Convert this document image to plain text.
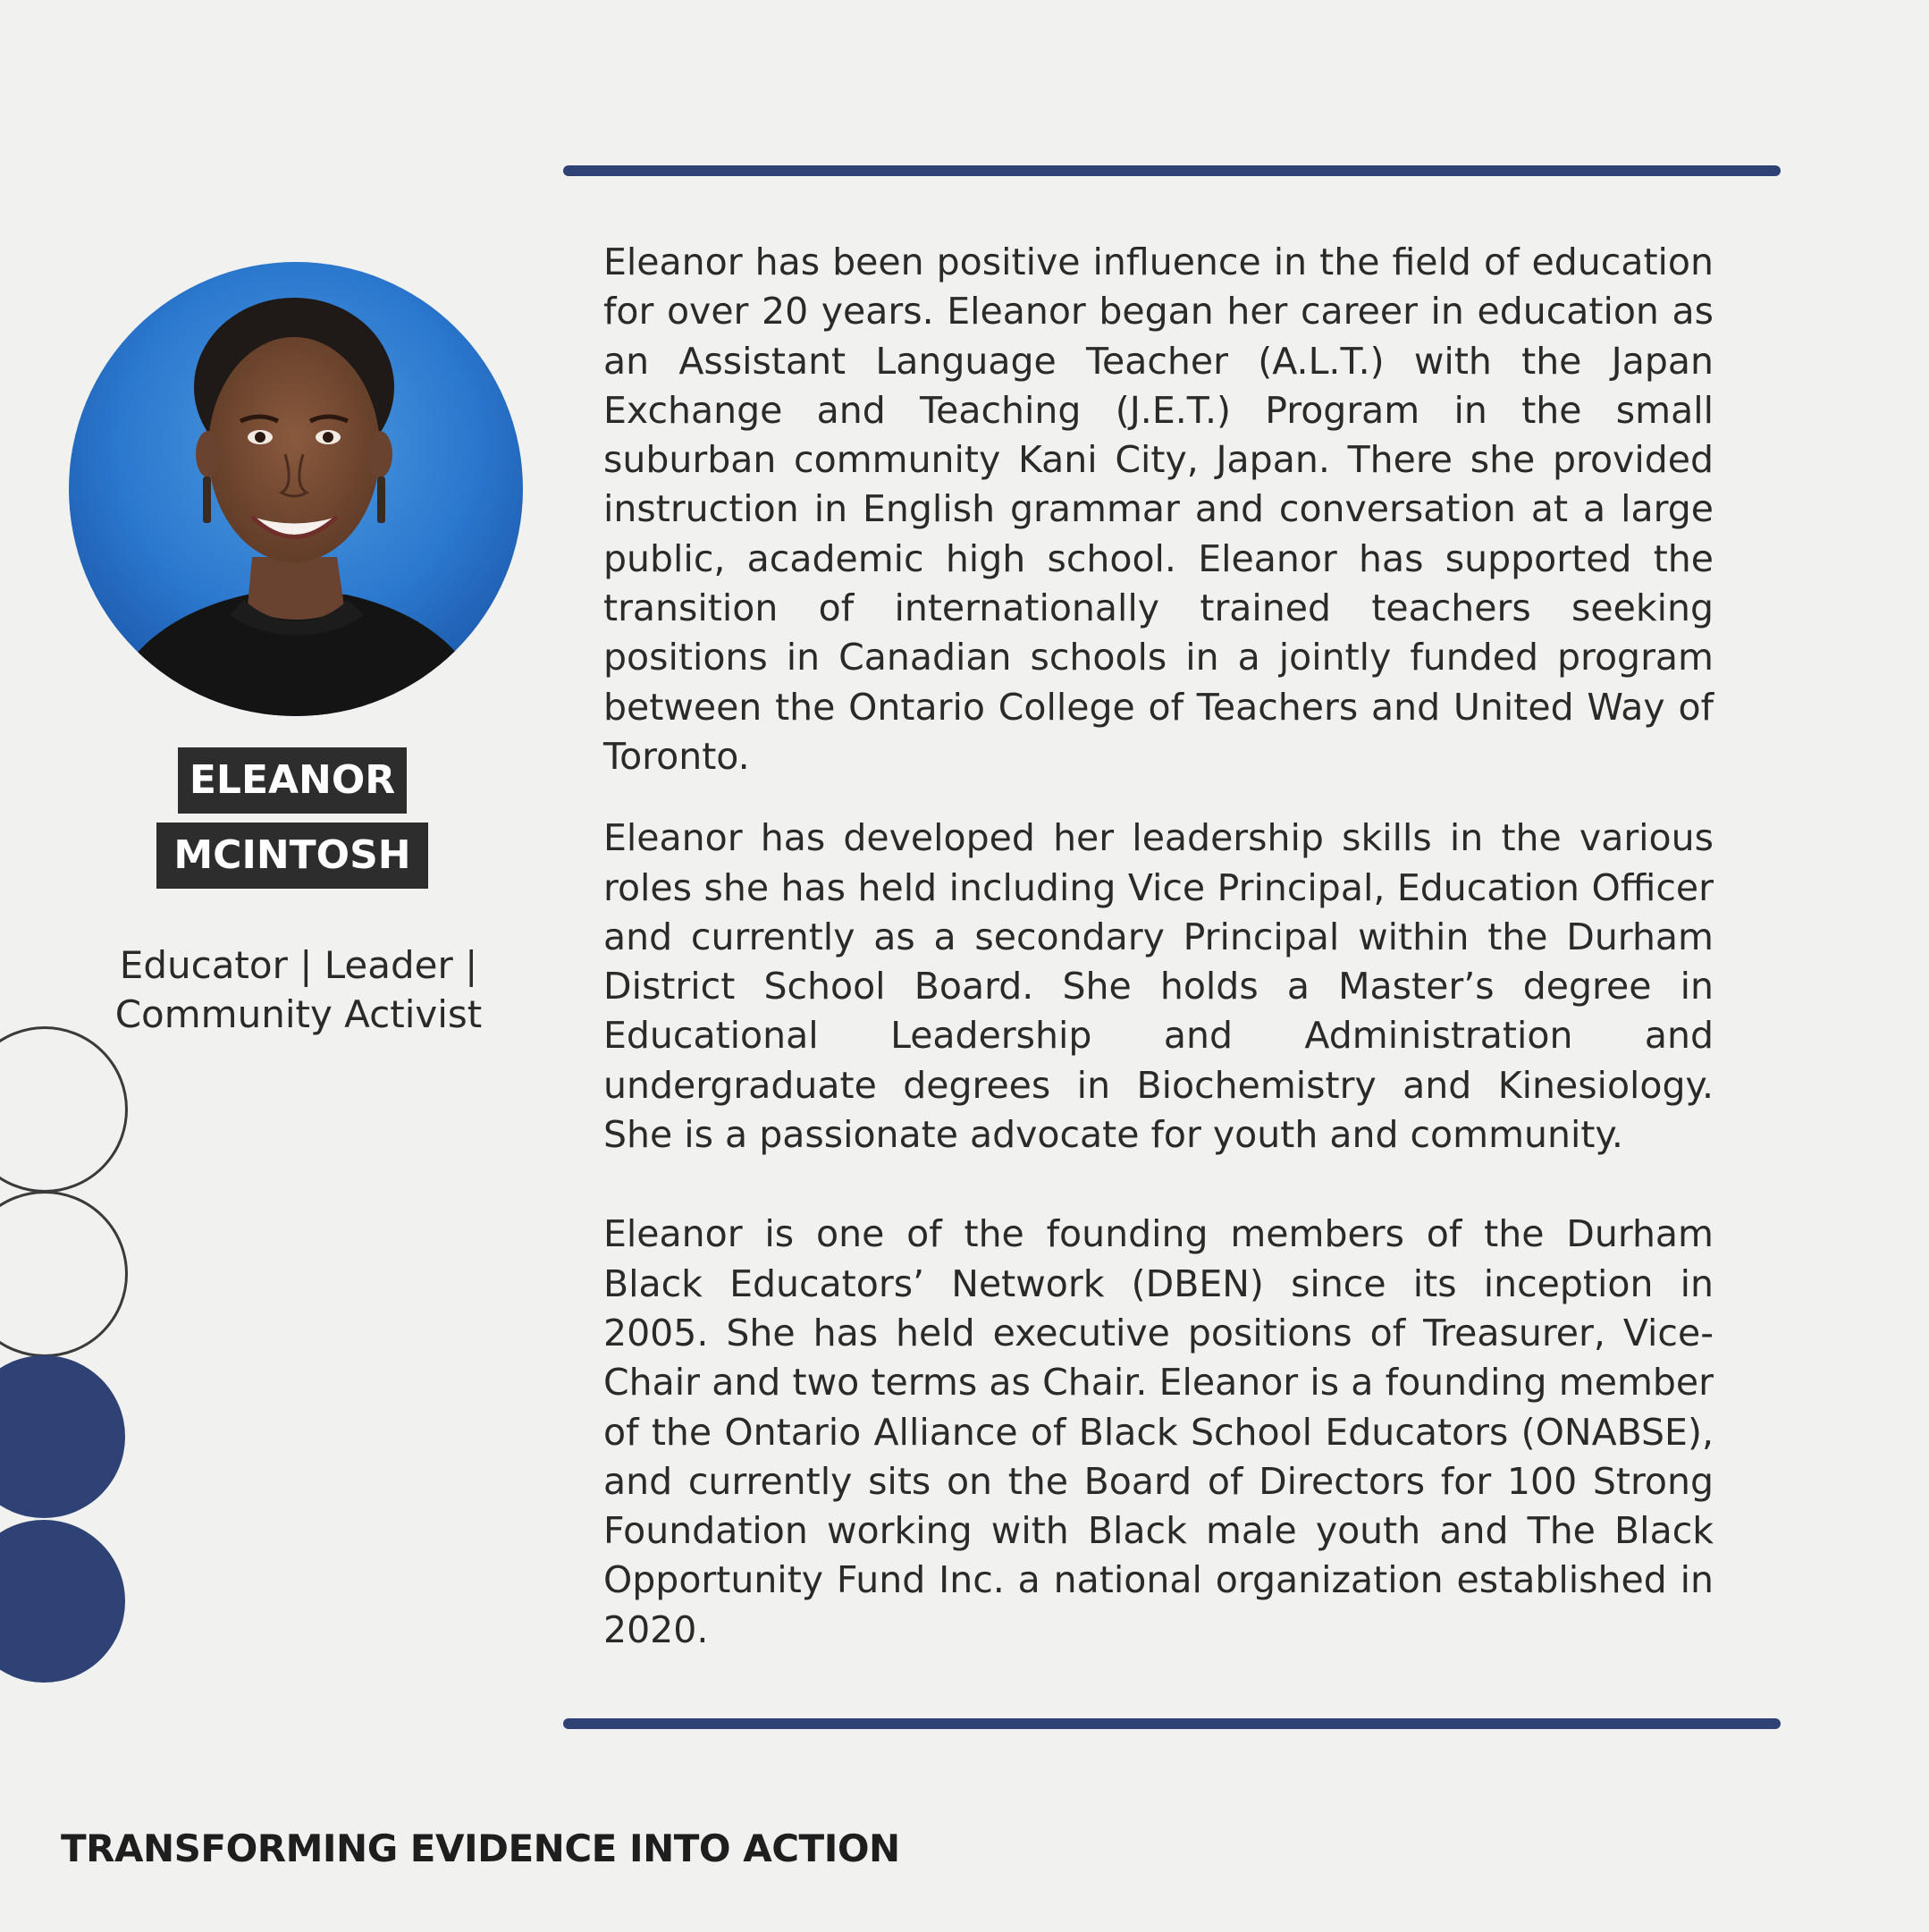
ELEANOR
MCINTOSH
Educator | Leader | Community Activist

Eleanor has been positive influence in the field of education for over 20 years. Eleanor began her career in education as an Assistant Language Teacher (A.L.T.) with the Japan Exchange and Teaching (J.E.T.) Program in the small suburban community Kani City, Japan. There she provided instruction in English grammar and conversation at a large public, academic high school. Eleanor has supported the transition of internationally trained teachers seeking positions in Canadian schools in a jointly funded program between the Ontario College of Teachers and United Way of Toronto.

Eleanor has developed her leadership skills in the various roles she has held including Vice Principal, Education Officer and currently as a secondary Principal within the Durham District School Board. She holds a Master’s degree in Educational Leadership and Administration and undergraduate degrees in Biochemistry and Kinesiology. She is a passionate advocate for youth and community.

Eleanor is one of the founding members of the Durham Black Educators’ Network (DBEN) since its inception in 2005. She has held executive positions of Treasurer, Vice-Chair and two terms as Chair. Eleanor is a founding member of the Ontario Alliance of Black School Educators (ONABSE), and currently sits on the Board of Directors for 100 Strong Foundation working with Black male youth and The Black Opportunity Fund Inc. a national organization established in 2020.

TRANSFORMING EVIDENCE INTO ACTION
